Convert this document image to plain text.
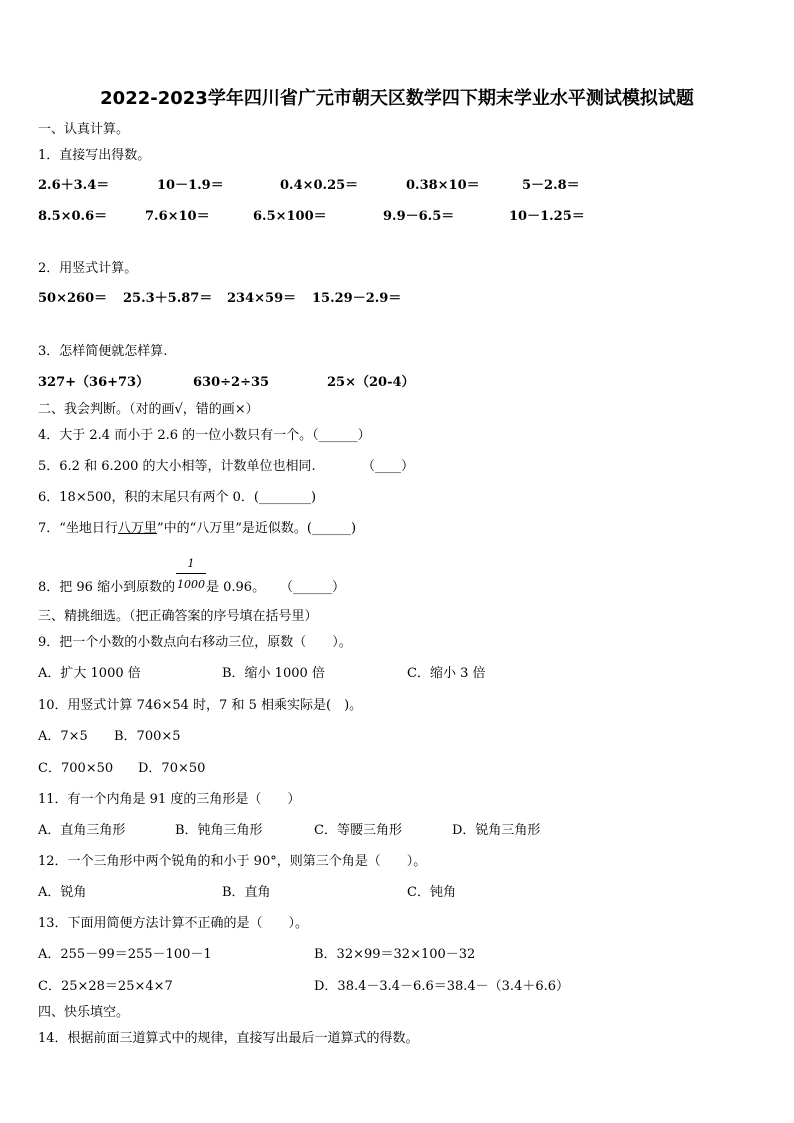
2022-2023学年四川省广元市朝天区数学四下期末学业水平测试模拟试题
一、认真计算。
1．直接写出得数。
2.6＋3.4＝	10－1.9＝	0.4×0.25＝	0.38×10＝	5－2.8＝
8.5×0.6＝	7.6×10＝	6.5×100＝	9.9－6.5＝	10－1.25＝
2．用竖式计算。
50×260＝ 25.3＋5.87＝ 234×59＝ 15.29－2.9＝
3．怎样简便就怎样算.
327+（36+73）	630÷2÷35	25×（20-4）
二、我会判断。（对的画√，错的画×）
4．大于 2.4 而小于 2.6 的一位小数只有一个。（______）
5．6.2 和 6.200 的大小相等，计数单位也相同.	（____）
6．18×500，积的末尾只有两个 0．(________)
7．“坐地日行八万里”中的“八万里”是近似数。(______)
1
1000
8．把 96 缩小到原数的 是 0.96。 （______）
三、精挑细选。（把正确答案的序号填在括号里）
9．把一个小数的小数点向右移动三位，原数（　　）。
A．扩大 1000 倍	B．缩小 1000 倍	C．缩小 3 倍
10．用竖式计算 746×54 时，7 和 5 相乘实际是(　)。
A．7×5 B．700×5
C．700×50 D．70×50
11．有一个内角是 91 度的三角形是（　　）
A．直角三角形	B．钝角三角形	C．等腰三角形	D．锐角三角形
12．一个三角形中两个锐角的和小于 90°，则第三个角是（　　）。
A．锐角	B．直角	C．钝角
13．下面用简便方法计算不正确的是（　　）。
A．255－99＝255－100－1	B．32×99＝32×100－32
C．25×28＝25×4×7	D．38.4－3.4－6.6＝38.4－（3.4＋6.6）
四、快乐填空。
14．根据前面三道算式中的规律，直接写出最后一道算式的得数。
